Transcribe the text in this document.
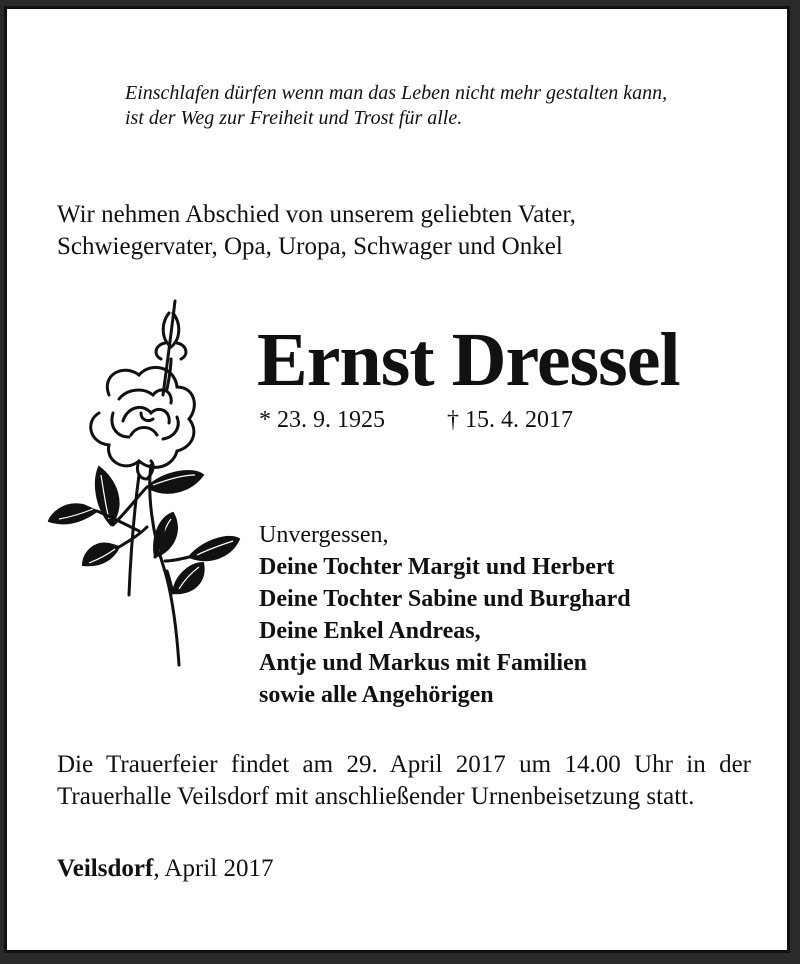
Einschlafen dürfen wenn man das Leben nicht mehr gestalten kann,
ist der Weg zur Freiheit und Trost für alle.

Wir nehmen Abschied von unserem geliebten Vater,
Schwiegervater, Opa, Uropa, Schwager und Onkel

Ernst Dressel
* 23. 9. 1925	† 15. 4. 2017

Unvergessen,
Deine Tochter Margit und Herbert
Deine Tochter Sabine und Burghard
Deine Enkel Andreas,
Antje und Markus mit Familien
sowie alle Angehörigen

Die Trauerfeier findet am 29. April 2017 um 14.00 Uhr in der Trauerhalle Veilsdorf mit anschließender Urnenbeisetzung statt.

Veilsdorf, April 2017
